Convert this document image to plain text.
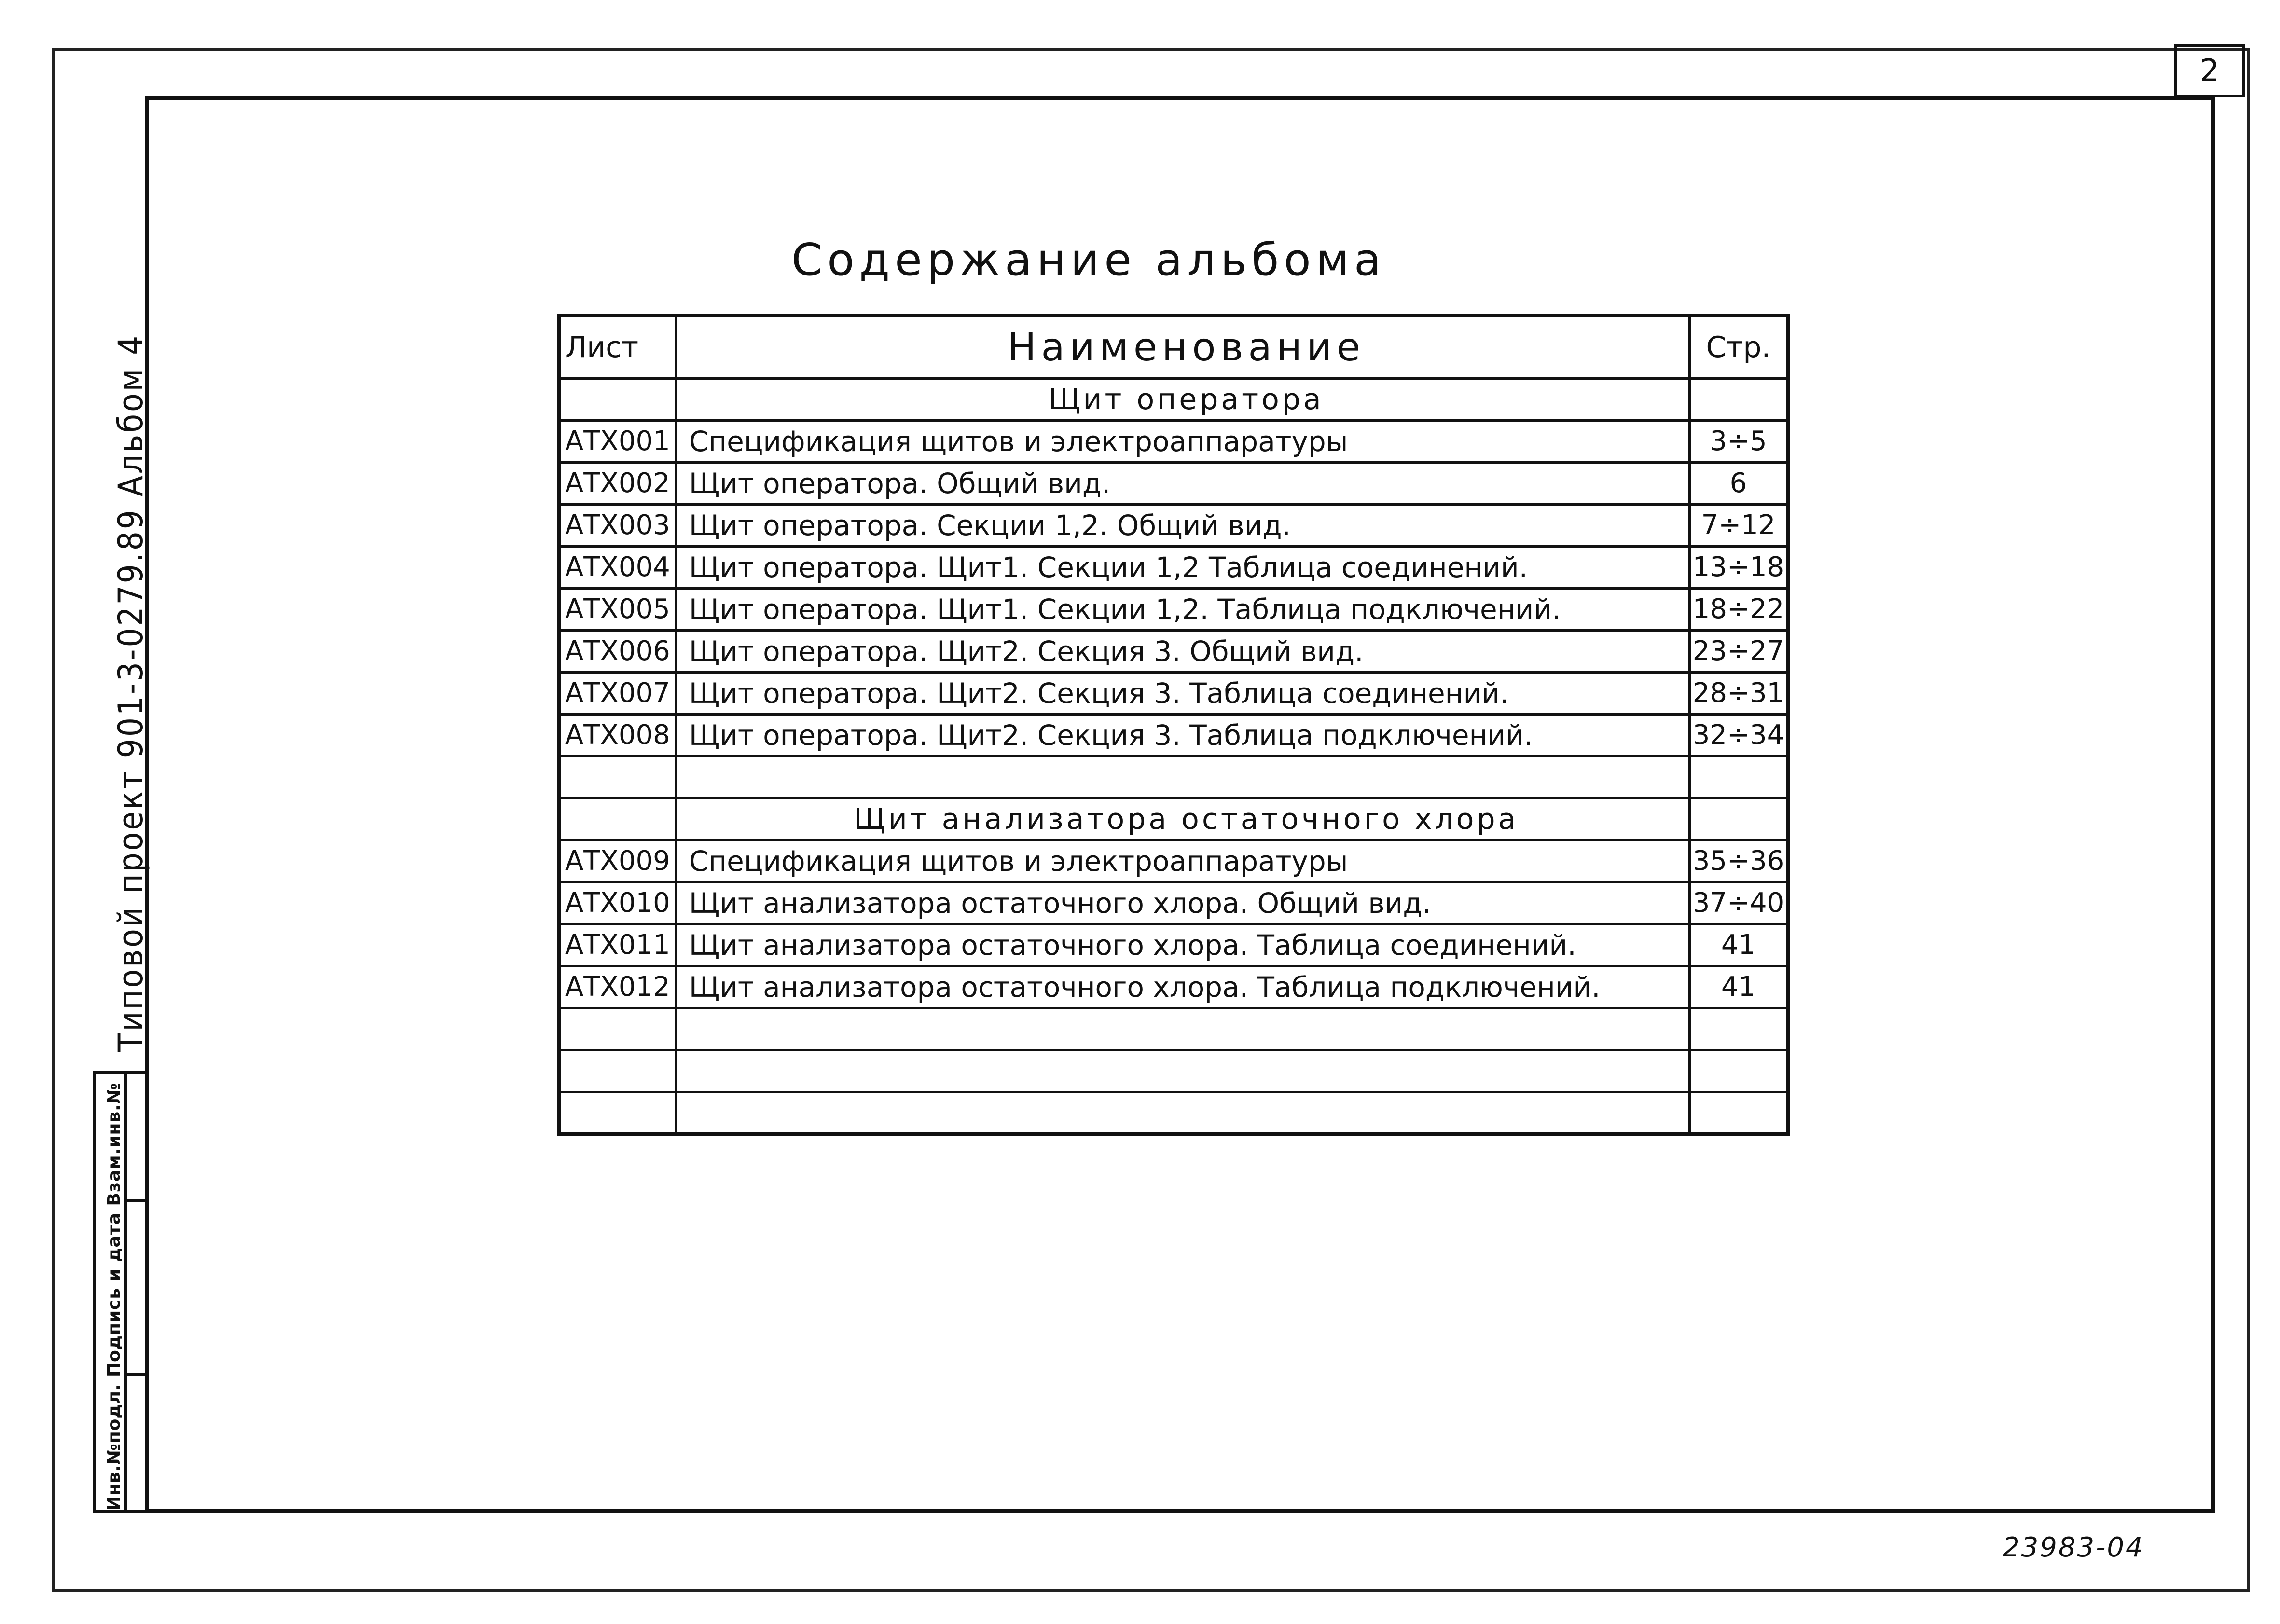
2
Типовой проект 901-3-0279.89 Альбом 4
Инв.№подл. Подпись и дата Взам.инв.№
Содержание альбома
Лист	Наименование	Стр.
	Щит оператора	
АТХ001	Спецификация щитов и электроаппаратуры	3÷5
АТХ002	Щит оператора. Общий вид.	6
АТХ003	Щит оператора. Секции 1,2. Общий вид.	7÷12
АТХ004	Щит оператора. Щит1. Секции 1,2 Таблица соединений.	13÷18
АТХ005	Щит оператора. Щит1. Секции 1,2. Таблица подключений.	18÷22
АТХ006	Щит оператора. Щит2. Секция 3. Общий вид.	23÷27
АТХ007	Щит оператора. Щит2. Секция 3. Таблица соединений.	28÷31
АТХ008	Щит оператора. Щит2. Секция 3. Таблица подключений.	32÷34

	Щит анализатора остаточного хлора	
АТХ009	Спецификация щитов и электроаппаратуры	35÷36
АТХ010	Щит анализатора остаточного хлора. Общий вид.	37÷40
АТХ011	Щит анализатора остаточного хлора. Таблица соединений.	41
АТХ012	Щит анализатора остаточного хлора. Таблица подключений.	41

23983-04
